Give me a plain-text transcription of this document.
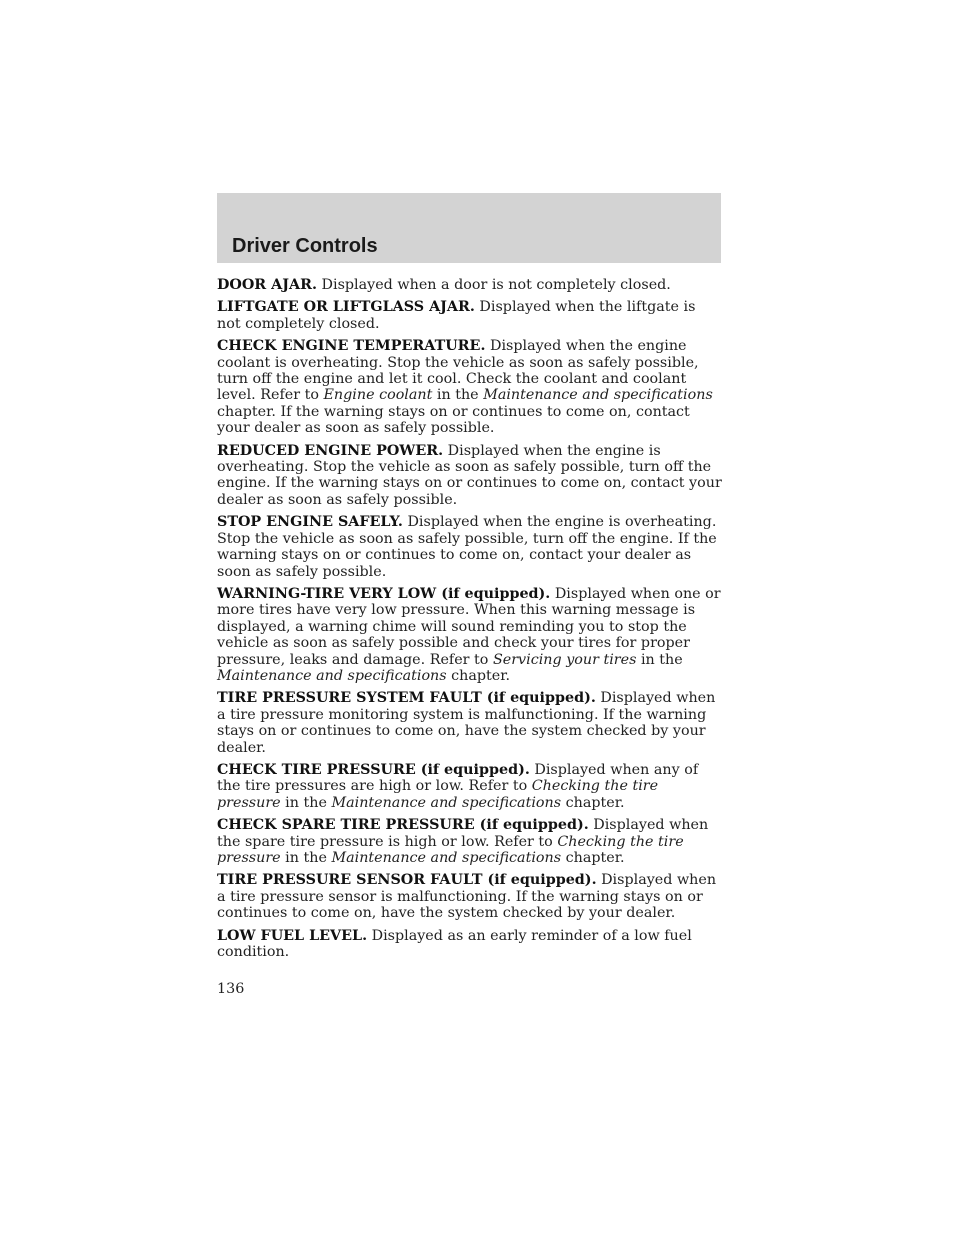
Driver Controls

DOOR AJAR. Displayed when a door is not completely closed.

LIFTGATE OR LIFTGLASS AJAR. Displayed when the liftgate is not completely closed.

CHECK ENGINE TEMPERATURE. Displayed when the engine coolant is overheating. Stop the vehicle as soon as safely possible, turn off the engine and let it cool. Check the coolant and coolant level. Refer to Engine coolant in the Maintenance and specifications chapter. If the warning stays on or continues to come on, contact your dealer as soon as safely possible.

REDUCED ENGINE POWER. Displayed when the engine is overheating. Stop the vehicle as soon as safely possible, turn off the engine. If the warning stays on or continues to come on, contact your dealer as soon as safely possible.

STOP ENGINE SAFELY. Displayed when the engine is overheating. Stop the vehicle as soon as safely possible, turn off the engine. If the warning stays on or continues to come on, contact your dealer as soon as safely possible.

WARNING-TIRE VERY LOW (if equipped). Displayed when one or more tires have very low pressure. When this warning message is displayed, a warning chime will sound reminding you to stop the vehicle as soon as safely possible and check your tires for proper pressure, leaks and damage. Refer to Servicing your tires in the Maintenance and specifications chapter.

TIRE PRESSURE SYSTEM FAULT (if equipped). Displayed when a tire pressure monitoring system is malfunctioning. If the warning stays on or continues to come on, have the system checked by your dealer.

CHECK TIRE PRESSURE (if equipped). Displayed when any of the tire pressures are high or low. Refer to Checking the tire pressure in the Maintenance and specifications chapter.

CHECK SPARE TIRE PRESSURE (if equipped). Displayed when the spare tire pressure is high or low. Refer to Checking the tire pressure in the Maintenance and specifications chapter.

TIRE PRESSURE SENSOR FAULT (if equipped). Displayed when a tire pressure sensor is malfunctioning. If the warning stays on or continues to come on, have the system checked by your dealer.

LOW FUEL LEVEL. Displayed as an early reminder of a low fuel condition.

136
